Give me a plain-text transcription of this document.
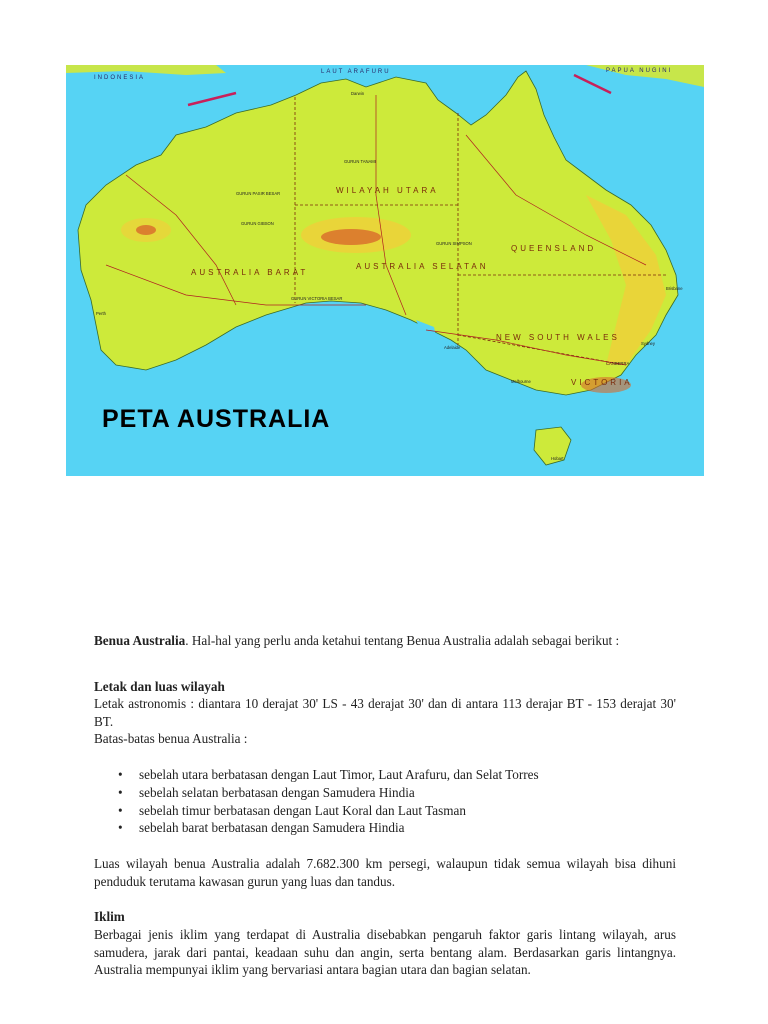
INDONESIA
LAUT ARAFURU	PAPUA NUGINI
WILAYAH UTARA
QUEENSLAND
AUSTRALIA BARAT
AUSTRALIA SELATAN
NEW SOUTH WALES
VICTORIA
GURUN TANAMI
GURUN PASIR BESAR
GURUN GIBSON
GURUN SIMPSON
GURUN VICTORIA BESAR
CANBERRA
Darwin
Perth
Adelaide
Brisbane
Sydney
Melbourne
Hobart
PETA AUSTRALIA

Benua Australia. Hal-hal yang perlu anda ketahui tentang Benua Australia adalah sebagai berikut :

Letak dan luas wilayah

Letak astronomis : diantara 10 derajat 30' LS - 43 derajat 30' dan di antara 113 derajar BT - 153 derajat 30' BT.

Batas-batas benua Australia :

• sebelah utara berbatasan dengan Laut Timor, Laut Arafuru, dan Selat Torres
• sebelah selatan berbatasan dengan Samudera Hindia
• sebelah timur berbatasan dengan Laut Koral dan Laut Tasman
• sebelah barat berbatasan dengan Samudera Hindia

Luas wilayah benua Australia adalah 7.682.300 km persegi, walaupun tidak semua wilayah bisa dihuni penduduk terutama kawasan gurun yang luas dan tandus.

Iklim

Berbagai jenis iklim yang terdapat di Australia disebabkan pengaruh faktor garis lintang wilayah, arus samudera, jarak dari pantai, keadaan suhu dan angin, serta bentang alam. Berdasarkan garis lintangnya. Australia mempunyai iklim yang bervariasi antara bagian utara dan bagian selatan.
